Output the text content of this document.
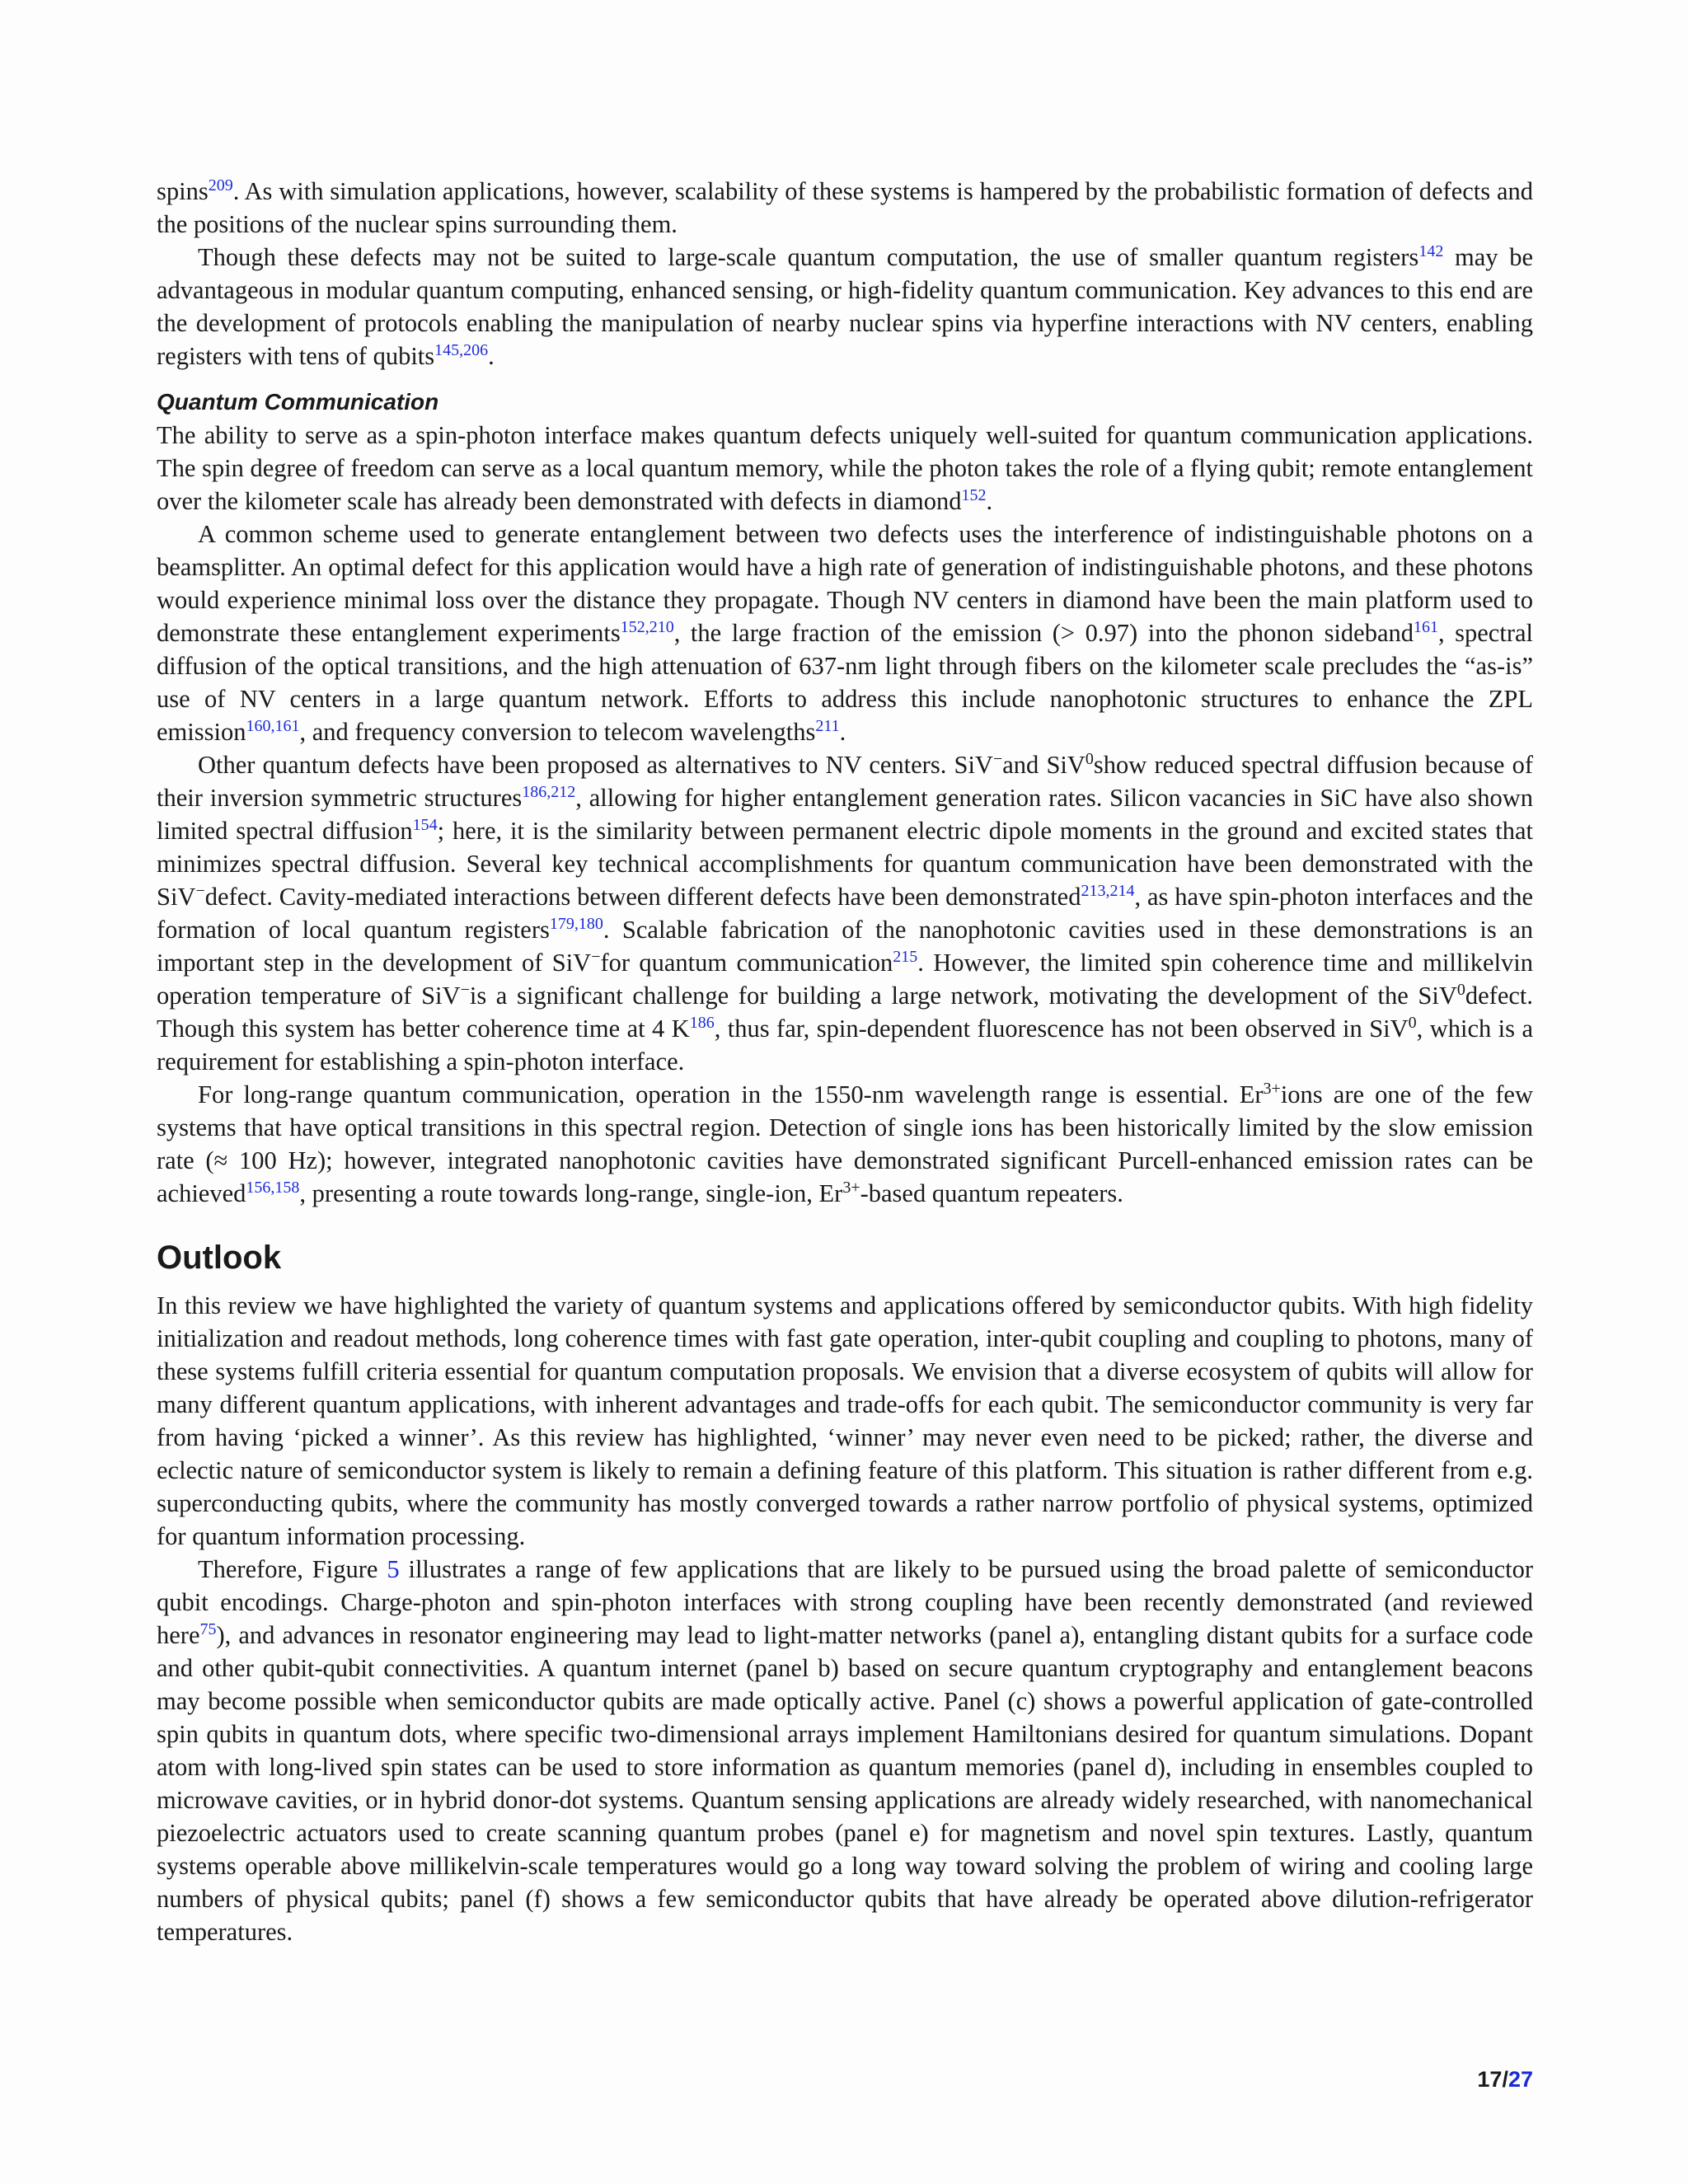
spins$^{209}$. As with simulation applications, however, scalability of these systems is hampered by the probabilistic formation of defects and the positions of the nuclear spins surrounding them.

Though these defects may not be suited to large-scale quantum computation, the use of smaller quantum registers$^{142}$ may be advantageous in modular quantum computing, enhanced sensing, or high-fidelity quantum communication. Key advances to this end are the development of protocols enabling the manipulation of nearby nuclear spins via hyperfine interactions with NV centers, enabling registers with tens of qubits$^{145,206}$.

Quantum Communication

The ability to serve as a spin-photon interface makes quantum defects uniquely well-suited for quantum communication applications. The spin degree of freedom can serve as a local quantum memory, while the photon takes the role of a flying qubit; remote entanglement over the kilometer scale has already been demonstrated with defects in diamond$^{152}$.

A common scheme used to generate entanglement between two defects uses the interference of indistinguishable photons on a beamsplitter. An optimal defect for this application would have a high rate of generation of indistinguishable photons, and these photons would experience minimal loss over the distance they propagate. Though NV centers in diamond have been the main platform used to demonstrate these entanglement experiments$^{152,210}$, the large fraction of the emission (> 0.97) into the phonon sideband$^{161}$, spectral diffusion of the optical transitions, and the high attenuation of 637-nm light through fibers on the kilometer scale precludes the “as-is” use of NV centers in a large quantum network. Efforts to address this include nanophotonic structures to enhance the ZPL emission$^{160,161}$, and frequency conversion to telecom wavelengths$^{211}$.

Other quantum defects have been proposed as alternatives to NV centers. SiV−and SiV$^0$show reduced spectral diffusion because of their inversion symmetric structures$^{186,212}$, allowing for higher entanglement generation rates. Silicon vacancies in SiC have also shown limited spectral diffusion$^{154}$; here, it is the similarity between permanent electric dipole moments in the ground and excited states that minimizes spectral diffusion. Several key technical accomplishments for quantum communication have been demonstrated with the SiV−defect. Cavity-mediated interactions between different defects have been demonstrated$^{213,214}$, as have spin-photon interfaces and the formation of local quantum registers$^{179,180}$. Scalable fabrication of the nanophotonic cavities used in these demonstrations is an important step in the development of SiV−for quantum communication$^{215}$. However, the limited spin coherence time and millikelvin operation temperature of SiV−is a significant challenge for building a large network, motivating the development of the SiV$^0$defect. Though this system has better coherence time at 4 K$^{186}$, thus far, spin-dependent fluorescence has not been observed in SiV$^0$, which is a requirement for establishing a spin-photon interface.

For long-range quantum communication, operation in the 1550-nm wavelength range is essential. $Er^{3+}ions$ are one of the few systems that have optical transitions in this spectral region. Detection of single ions has been historically limited by the slow emission rate (≈ 100 Hz); however, integrated nanophotonic cavities have demonstrated significant Purcell-enhanced emission rates can be achieved$^{156,158}$, presenting a route towards long-range, single-ion, $Er^{3+}$-based quantum repeaters.

Outlook

In this review we have highlighted the variety of quantum systems and applications offered by semiconductor qubits. With high fidelity initialization and readout methods, long coherence times with fast gate operation, inter-qubit coupling and coupling to photons, many of these systems fulfill criteria essential for quantum computation proposals. We envision that a diverse ecosystem of qubits will allow for many different quantum applications, with inherent advantages and trade-offs for each qubit. The semiconductor community is very far from having ‘picked a winner’. As this review has highlighted, ‘winner’ may never even need to be picked; rather, the diverse and eclectic nature of semiconductor system is likely to remain a defining feature of this platform. This situation is rather different from e.g. superconducting qubits, where the community has mostly converged towards a rather narrow portfolio of physical systems, optimized for quantum information processing.

Therefore, Figure 5 illustrates a range of few applications that are likely to be pursued using the broad palette of semiconductor qubit encodings. Charge-photon and spin-photon interfaces with strong coupling have been recently demonstrated (and reviewed here$^{75}$), and advances in resonator engineering may lead to light-matter networks (panel a), entangling distant qubits for a surface code and other qubit-qubit connectivities. A quantum internet (panel b) based on secure quantum cryptography and entanglement beacons may become possible when semiconductor qubits are made optically active. Panel (c) shows a powerful application of gate-controlled spin qubits in quantum dots, where specific two-dimensional arrays implement Hamiltonians desired for quantum simulations. Dopant atom with long-lived spin states can be used to store information as quantum memories (panel d), including in ensembles coupled to microwave cavities, or in hybrid donor-dot systems. Quantum sensing applications are already widely researched, with nanomechanical piezoelectric actuators used to create scanning quantum probes (panel e) for magnetism and novel spin textures. Lastly, quantum systems operable above millikelvin-scale temperatures would go a long way toward solving the problem of wiring and cooling large numbers of physical qubits; panel (f) shows a few semiconductor qubits that have already be operated above dilution-refrigerator temperatures.

17/27
